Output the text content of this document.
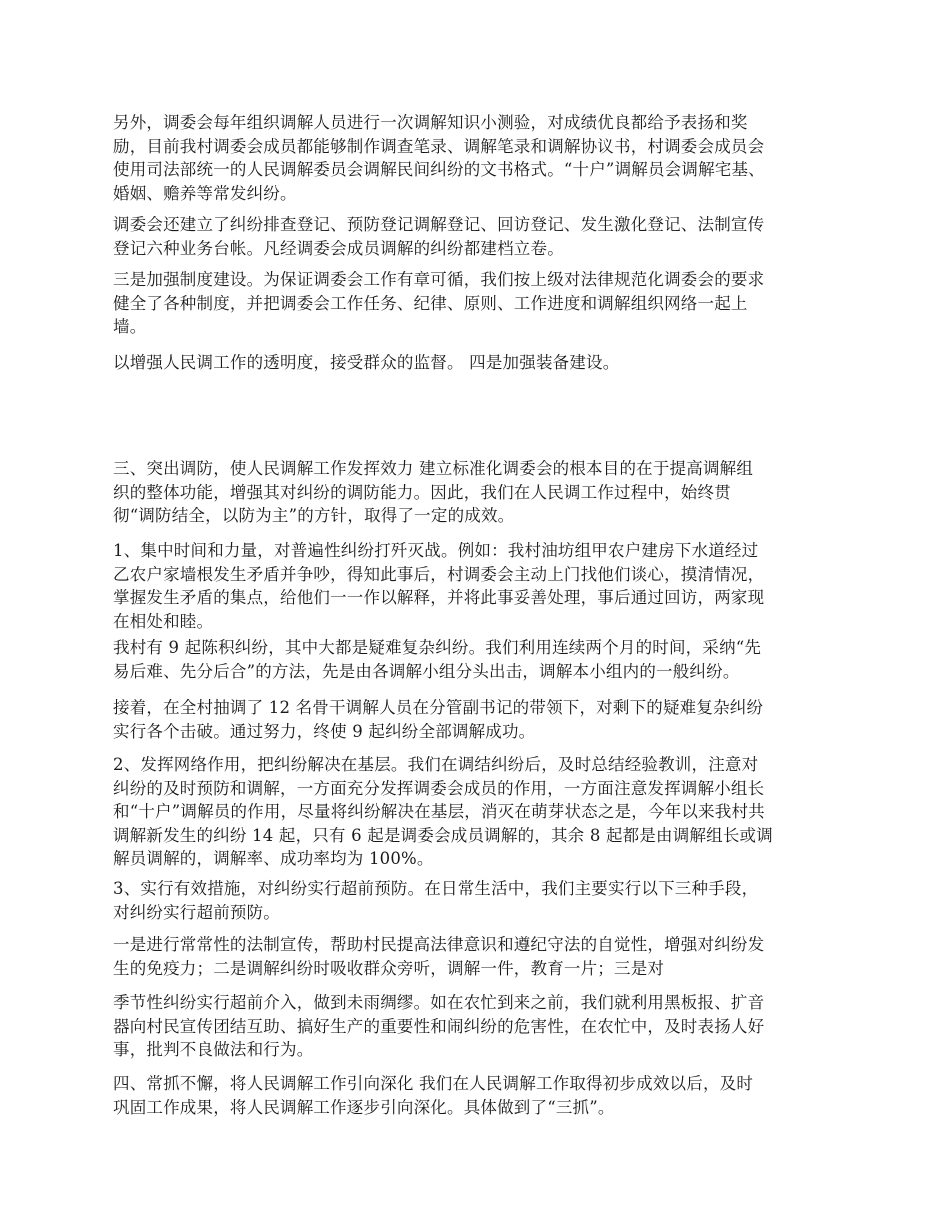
另外，调委会每年组织调解人员进行一次调解知识小测验，对成绩优良都给予表扬和奖
励，目前我村调委会成员都能够制作调查笔录、调解笔录和调解协议书，村调委会成员会
使用司法部统一的人民调解委员会调解民间纠纷的文书格式。“十户”调解员会调解宅基、
婚姻、赡养等常发纠纷。

调委会还建立了纠纷排查登记、预防登记调解登记、回访登记、发生激化登记、法制宣传
登记六种业务台帐。凡经调委会成员调解的纠纷都建档立卷。

三是加强制度建设。为保证调委会工作有章可循，我们按上级对法律规范化调委会的要求
健全了各种制度，并把调委会工作任务、纪律、原则、工作进度和调解组织网络一起上
墙。

以增强人民调工作的透明度，接受群众的监督。 四是加强装备建设。

三、突出调防，使人民调解工作发挥效力 建立标准化调委会的根本目的在于提高调解组
织的整体功能，增强其对纠纷的调防能力。因此，我们在人民调工作过程中，始终贯
彻“调防结全，以防为主”的方针，取得了一定的成效。

1、集中时间和力量，对普遍性纠纷打歼灭战。例如：我村油坊组甲农户建房下水道经过
乙农户家墙根发生矛盾并争吵，得知此事后，村调委会主动上门找他们谈心，摸清情况，
掌握发生矛盾的集点，给他们一一作以解释，并将此事妥善处理，事后通过回访，两家现
在相处和睦。

我村有 9 起陈积纠纷，其中大都是疑难复杂纠纷。我们利用连续两个月的时间，采纳“先
易后难、先分后合”的方法，先是由各调解小组分头出击，调解本小组内的一般纠纷。

接着，在全村抽调了 12 名骨干调解人员在分管副书记的带领下，对剩下的疑难复杂纠纷
实行各个击破。通过努力，终使 9 起纠纷全部调解成功。

2、发挥网络作用，把纠纷解决在基层。我们在调结纠纷后，及时总结经验教训，注意对
纠纷的及时预防和调解，一方面充分发挥调委会成员的作用，一方面注意发挥调解小组长
和“十户”调解员的作用，尽量将纠纷解决在基层，消灭在萌芽状态之是，今年以来我村共
调解新发生的纠纷 14 起，只有 6 起是调委会成员调解的，其余 8 起都是由调解组长或调
解员调解的，调解率、成功率均为 100%。

3、实行有效措施，对纠纷实行超前预防。在日常生活中，我们主要实行以下三种手段，
对纠纷实行超前预防。

一是进行常常性的法制宣传，帮助村民提高法律意识和遵纪守法的自觉性，增强对纠纷发
生的免疫力；二是调解纠纷时吸收群众旁听，调解一件，教育一片；三是对

季节性纠纷实行超前介入，做到未雨绸缪。如在农忙到来之前，我们就利用黑板报、扩音
器向村民宣传团结互助、搞好生产的重要性和闹纠纷的危害性，在农忙中，及时表扬人好
事，批判不良做法和行为。

四、常抓不懈，将人民调解工作引向深化 我们在人民调解工作取得初步成效以后，及时
巩固工作成果，将人民调解工作逐步引向深化。具体做到了“三抓”。
